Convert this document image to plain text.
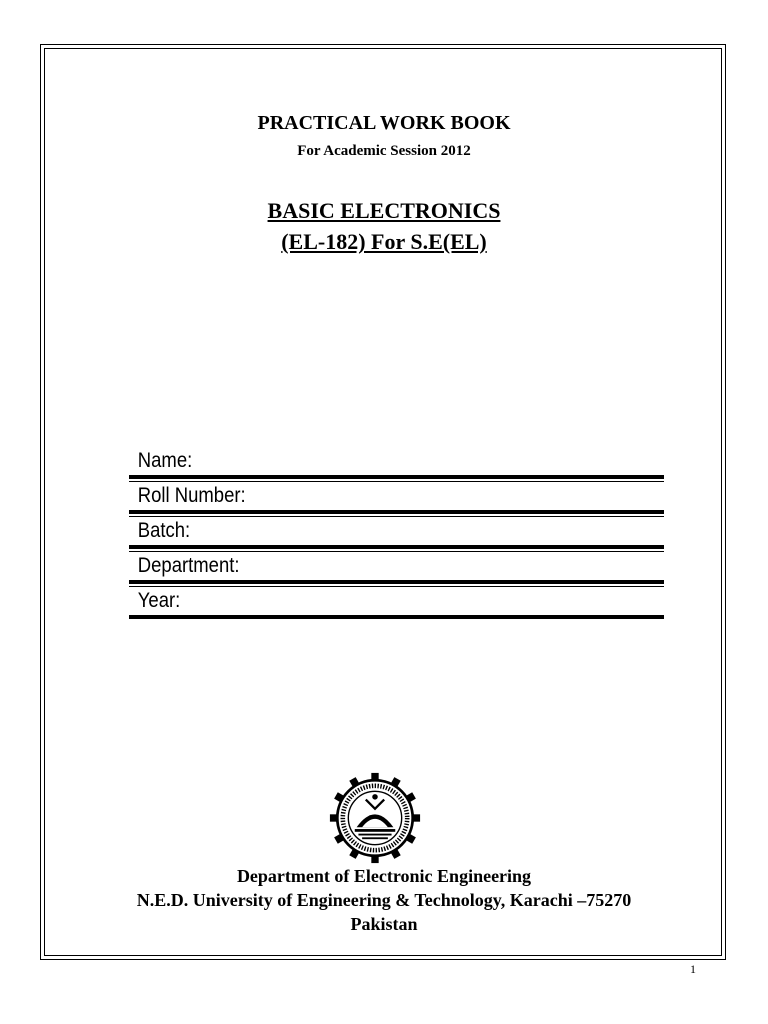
PRACTICAL WORK BOOK
For Academic Session 2012
BASIC ELECTRONICS
(EL-182) For S.E(EL)
Name:
Roll Number:
Batch:
Department:
Year:
Department of Electronic Engineering
N.E.D. University of Engineering & Technology, Karachi –75270
Pakistan
1
